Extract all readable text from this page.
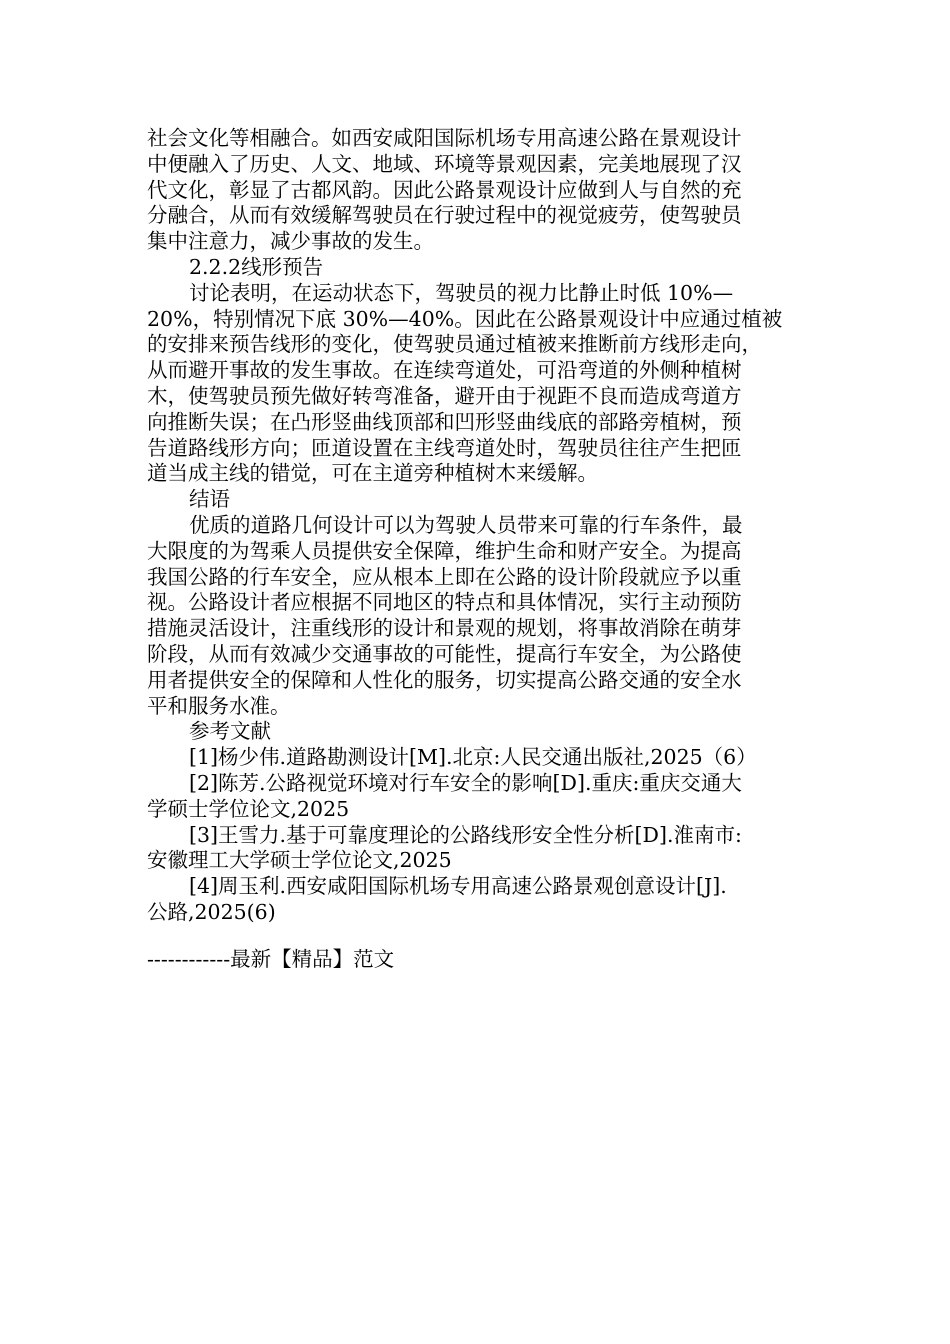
社会文化等相融合。如西安咸阳国际机场专用高速公路在景观设计
中便融入了历史、人文、地域、环境等景观因素，完美地展现了汉
代文化，彰显了古都风韵。因此公路景观设计应做到人与自然的充
分融合，从而有效缓解驾驶员在行驶过程中的视觉疲劳，使驾驶员
集中注意力，减少事故的发生。
2.2.2线形预告
讨论表明，在运动状态下，驾驶员的视力比静止时低 10%—
20%，特别情况下底 30%—40%。因此在公路景观设计中应通过植被
的安排来预告线形的变化，使驾驶员通过植被来推断前方线形走向，
从而避开事故的发生事故。在连续弯道处，可沿弯道的外侧种植树
木，使驾驶员预先做好转弯准备，避开由于视距不良而造成弯道方
向推断失误；在凸形竖曲线顶部和凹形竖曲线底的部路旁植树，预
告道路线形方向；匝道设置在主线弯道处时，驾驶员往往产生把匝
道当成主线的错觉，可在主道旁种植树木来缓解。
结语
优质的道路几何设计可以为驾驶人员带来可靠的行车条件，最
大限度的为驾乘人员提供安全保障，维护生命和财产安全。为提高
我国公路的行车安全，应从根本上即在公路的设计阶段就应予以重
视。公路设计者应根据不同地区的特点和具体情况，实行主动预防
措施灵活设计，注重线形的设计和景观的规划，将事故消除在萌芽
阶段，从而有效减少交通事故的可能性，提高行车安全，为公路使
用者提供安全的保障和人性化的服务，切实提高公路交通的安全水
平和服务水准。
参考文献
[1]杨少伟.道路勘测设计[M].北京:人民交通出版社,2025（6）
[2]陈芳.公路视觉环境对行车安全的影响[D].重庆:重庆交通大
学硕士学位论文,2025
[3]王雪力.基于可靠度理论的公路线形安全性分析[D].淮南市:
安徽理工大学硕士学位论文,2025
[4]周玉利.西安咸阳国际机场专用高速公路景观创意设计[J].
公路,2025(6)
------------最新【精品】范文
